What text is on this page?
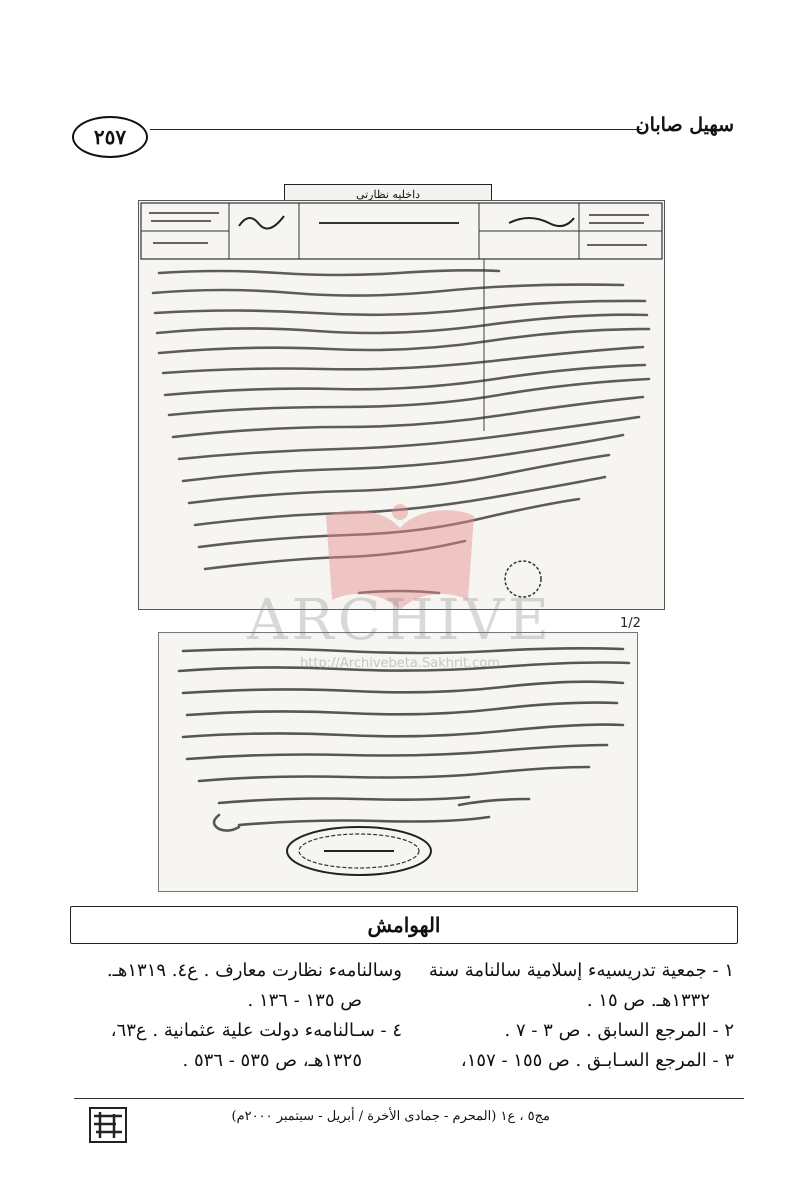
٢٥٧	سهيل صابان
داخليه نظارتى
1/2
ARCHIVE
http://Archivebeta.Sakhrit.com
الهوامش
١ - جمعية تدريسيهء إسلامية سالنامة سنة
١٣٣٢هـ. ص ١٥ .
٢ - المرجع السابق . ص ٣ - ٧ .
٣ - المرجع السـابـق . ص ١٥٥ - ١٥٧،
وسالنامهء نظارت معارف . ع٤. ١٣١٩هـ.
ص ١٣٥ - ١٣٦ .
٤ - سـالنامهء دولت علية عثمانية . ع٦٣،
١٣٢٥هـ، ص ٥٣٥ - ٥٣٦ .
مج٥ ، ع١ (المحرم - جمادى الأخرة / أبريل - سبتمبر ٢٠٠٠م)
